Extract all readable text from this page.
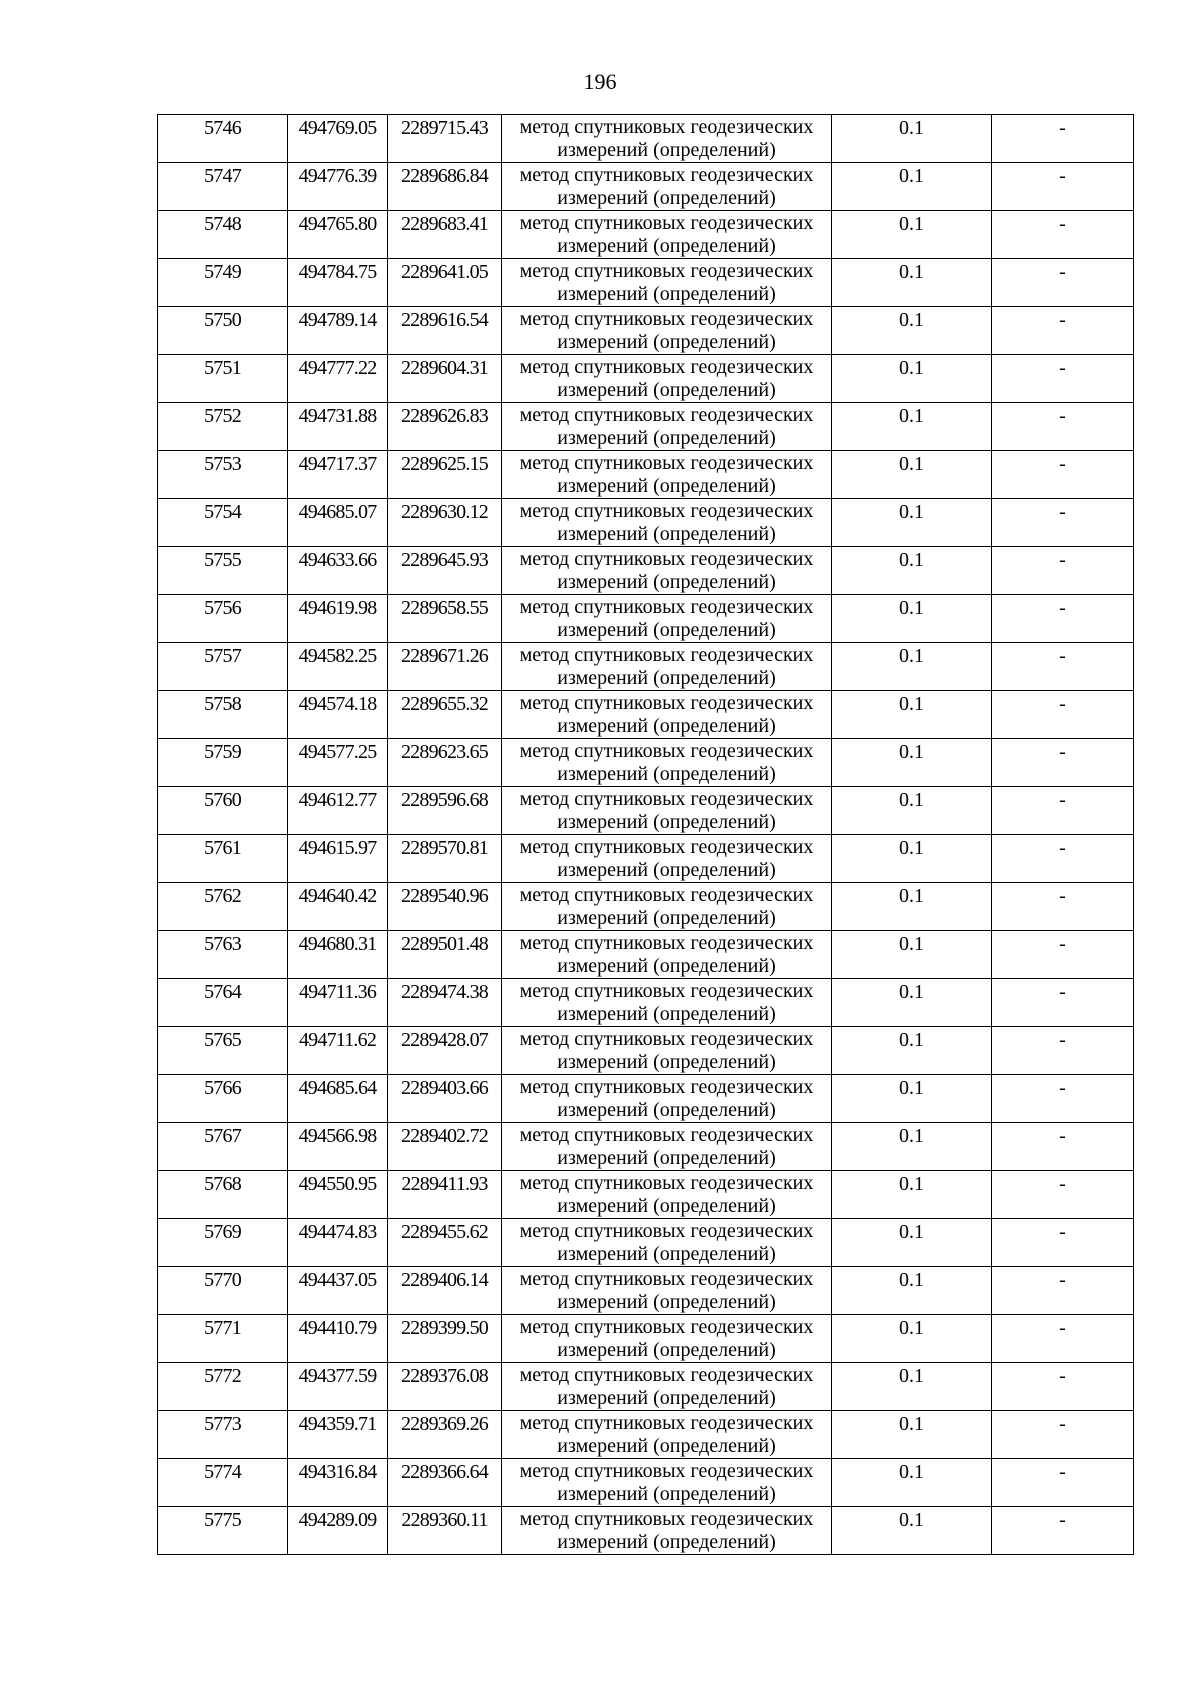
196
5746	494769.05	2289715.43	метод спутниковых геодезических измерений (определений)	0.1	-
5747	494776.39	2289686.84	метод спутниковых геодезических измерений (определений)	0.1	-
5748	494765.80	2289683.41	метод спутниковых геодезических измерений (определений)	0.1	-
5749	494784.75	2289641.05	метод спутниковых геодезических измерений (определений)	0.1	-
5750	494789.14	2289616.54	метод спутниковых геодезических измерений (определений)	0.1	-
5751	494777.22	2289604.31	метод спутниковых геодезических измерений (определений)	0.1	-
5752	494731.88	2289626.83	метод спутниковых геодезических измерений (определений)	0.1	-
5753	494717.37	2289625.15	метод спутниковых геодезических измерений (определений)	0.1	-
5754	494685.07	2289630.12	метод спутниковых геодезических измерений (определений)	0.1	-
5755	494633.66	2289645.93	метод спутниковых геодезических измерений (определений)	0.1	-
5756	494619.98	2289658.55	метод спутниковых геодезических измерений (определений)	0.1	-
5757	494582.25	2289671.26	метод спутниковых геодезических измерений (определений)	0.1	-
5758	494574.18	2289655.32	метод спутниковых геодезических измерений (определений)	0.1	-
5759	494577.25	2289623.65	метод спутниковых геодезических измерений (определений)	0.1	-
5760	494612.77	2289596.68	метод спутниковых геодезических измерений (определений)	0.1	-
5761	494615.97	2289570.81	метод спутниковых геодезических измерений (определений)	0.1	-
5762	494640.42	2289540.96	метод спутниковых геодезических измерений (определений)	0.1	-
5763	494680.31	2289501.48	метод спутниковых геодезических измерений (определений)	0.1	-
5764	494711.36	2289474.38	метод спутниковых геодезических измерений (определений)	0.1	-
5765	494711.62	2289428.07	метод спутниковых геодезических измерений (определений)	0.1	-
5766	494685.64	2289403.66	метод спутниковых геодезических измерений (определений)	0.1	-
5767	494566.98	2289402.72	метод спутниковых геодезических измерений (определений)	0.1	-
5768	494550.95	2289411.93	метод спутниковых геодезических измерений (определений)	0.1	-
5769	494474.83	2289455.62	метод спутниковых геодезических измерений (определений)	0.1	-
5770	494437.05	2289406.14	метод спутниковых геодезических измерений (определений)	0.1	-
5771	494410.79	2289399.50	метод спутниковых геодезических измерений (определений)	0.1	-
5772	494377.59	2289376.08	метод спутниковых геодезических измерений (определений)	0.1	-
5773	494359.71	2289369.26	метод спутниковых геодезических измерений (определений)	0.1	-
5774	494316.84	2289366.64	метод спутниковых геодезических измерений (определений)	0.1	-
5775	494289.09	2289360.11	метод спутниковых геодезических измерений (определений)	0.1	-
